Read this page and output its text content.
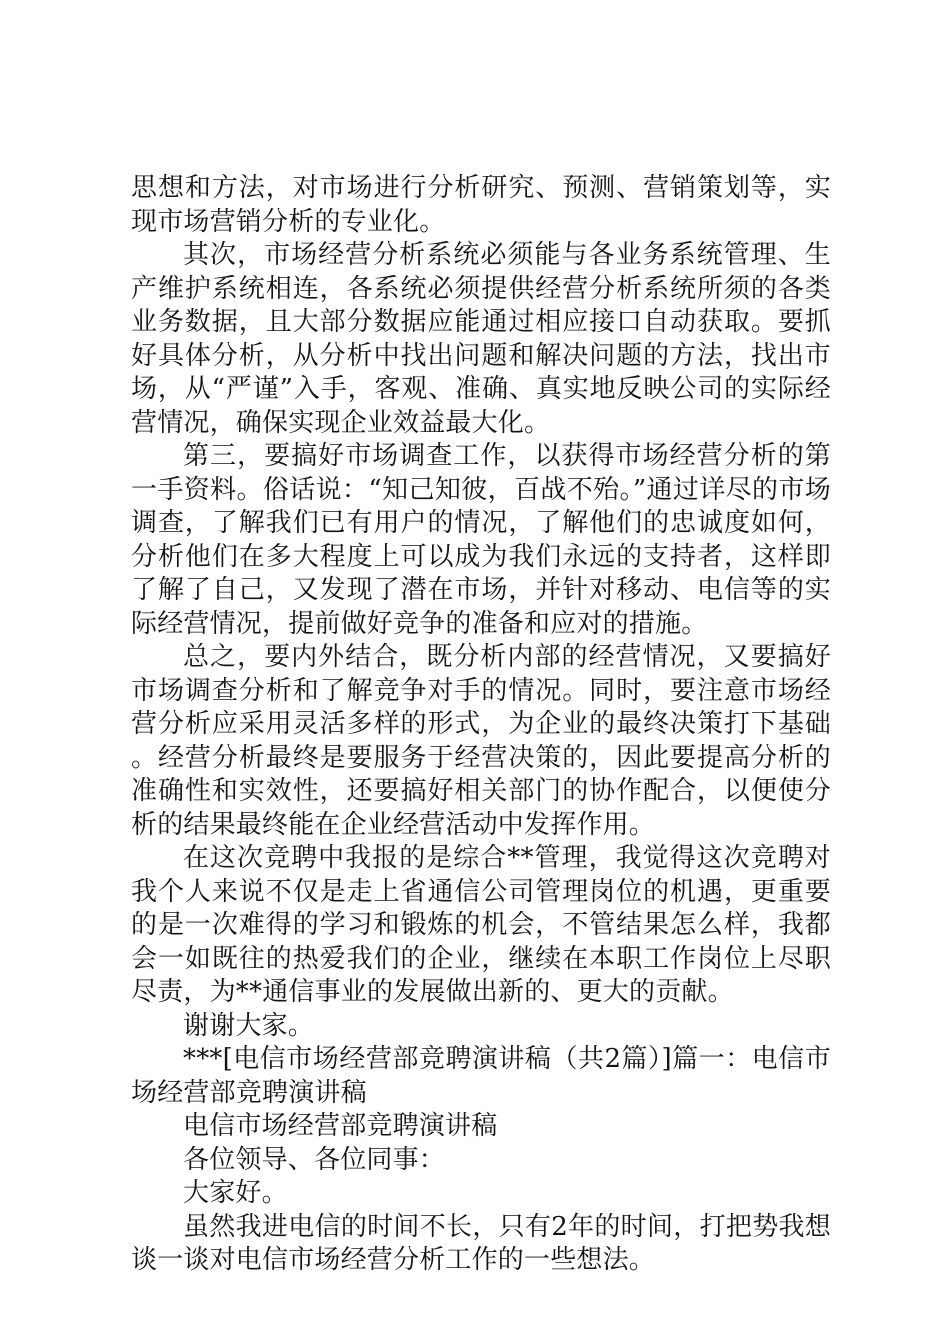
思想和方法，对市场进行分析研究、预测、营销策划等，实现市场营销分析的专业化。

其次，市场经营分析系统必须能与各业务系统管理、生产维护系统相连，各系统必须提供经营分析系统所须的各类业务数据，且大部分数据应能通过相应接口自动获取。要抓好具体分析，从分析中找出问题和解决问题的方法，找出市场，从“严谨”入手，客观、准确、真实地反映公司的实际经营情况，确保实现企业效益最大化。

第三，要搞好市场调查工作，以获得市场经营分析的第一手资料。俗话说：“知己知彼，百战不殆。”通过详尽的市场调查，了解我们已有用户的情况，了解他们的忠诚度如何，分析他们在多大程度上可以成为我们永远的支持者，这样即了解了自己，又发现了潜在市场，并针对移动、电信等的实际经营情况，提前做好竞争的准备和应对的措施。

总之，要内外结合，既分析内部的经营情况，又要搞好市场调查分析和了解竞争对手的情况。同时，要注意市场经营分析应采用灵活多样的形式，为企业的最终决策打下基础。经营分析最终是要服务于经营决策的，因此要提高分析的准确性和实效性，还要搞好相关部门的协作配合，以便使分析的结果最终能在企业经营活动中发挥作用。

在这次竞聘中我报的是综合**管理，我觉得这次竞聘对我个人来说不仅是走上省通信公司管理岗位的机遇，更重要的是一次难得的学习和锻炼的机会，不管结果怎么样，我都会一如既往的热爱我们的企业，继续在本职工作岗位上尽职尽责，为**通信事业的发展做出新的、更大的贡献。

谢谢大家。

***[电信市场经营部竞聘演讲稿（共2篇）]篇一：电信市场经营部竞聘演讲稿

电信市场经营部竞聘演讲稿

各位领导、各位同事：

大家好。

虽然我进电信的时间不长，只有2年的时间，打把势我想谈一谈对电信市场经营分析工作的一些想法。
